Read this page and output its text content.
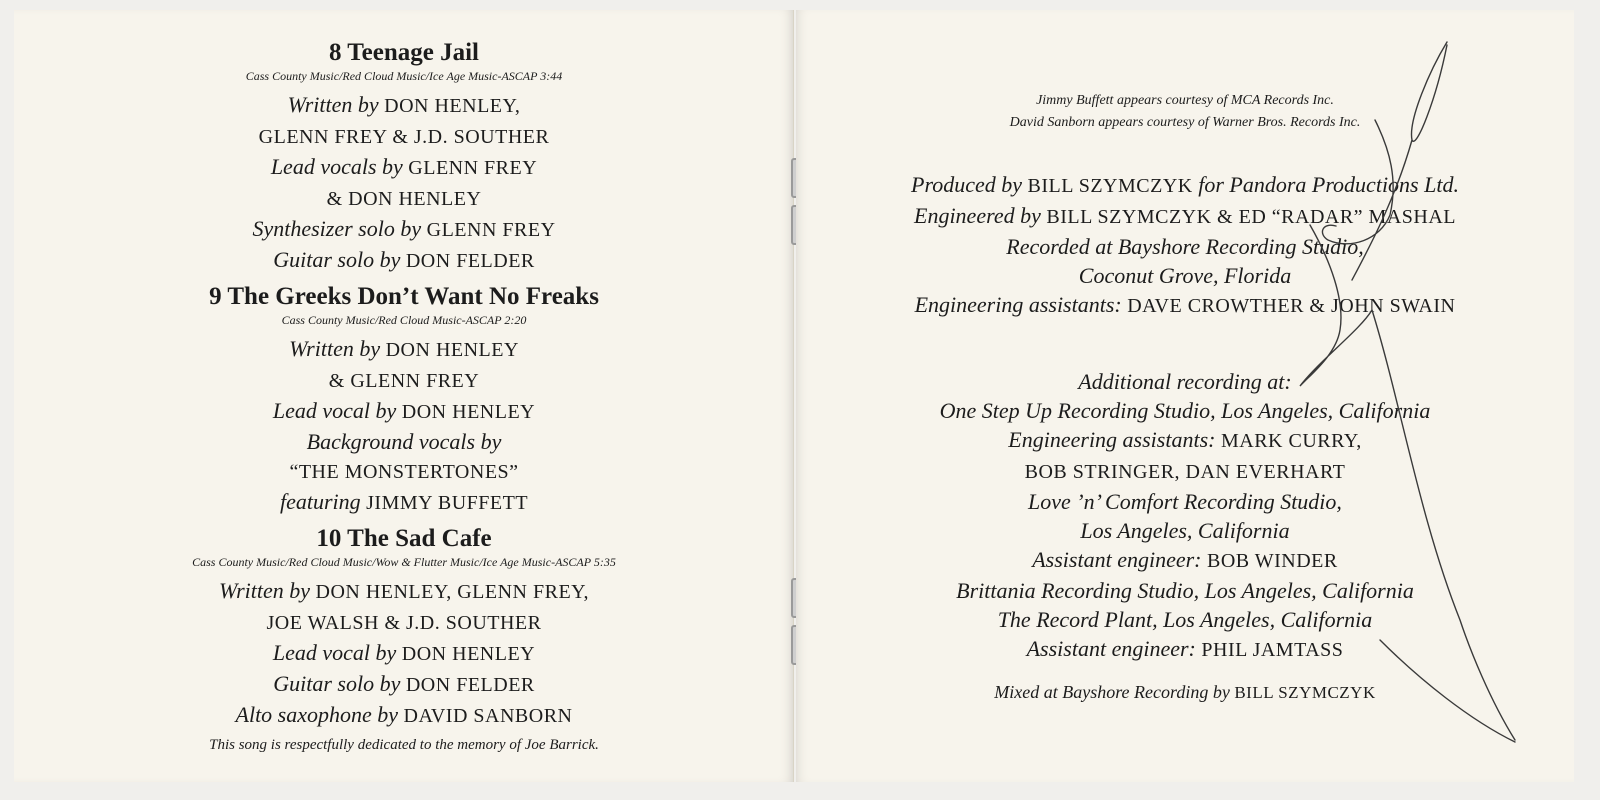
8 Teenage Jail
Cass County Music/Red Cloud Music/Ice Age Music-ASCAP 3:44
Written by DON HENLEY,
GLENN FREY & J.D. SOUTHER
Lead vocals by GLENN FREY
& DON HENLEY
Synthesizer solo by GLENN FREY
Guitar solo by DON FELDER
9 The Greeks Don’t Want No Freaks
Cass County Music/Red Cloud Music-ASCAP 2:20
Written by DON HENLEY
& GLENN FREY
Lead vocal by DON HENLEY
Background vocals by
“THE MONSTERTONES”
featuring JIMMY BUFFETT
10 The Sad Cafe
Cass County Music/Red Cloud Music/Wow & Flutter Music/Ice Age Music-ASCAP 5:35
Written by DON HENLEY, GLENN FREY,
JOE WALSH & J.D. SOUTHER
Lead vocal by DON HENLEY
Guitar solo by DON FELDER
Alto saxophone by DAVID SANBORN
This song is respectfully dedicated to the memory of Joe Barrick.
Jimmy Buffett appears courtesy of MCA Records Inc.
David Sanborn appears courtesy of Warner Bros. Records Inc.
Produced by BILL SZYMCZYK for Pandora Productions Ltd.
Engineered by BILL SZYMCZYK & ED “RADAR” MASHAL
Recorded at Bayshore Recording Studio,
Coconut Grove, Florida
Engineering assistants: DAVE CROWTHER & JOHN SWAIN
Additional recording at:
One Step Up Recording Studio, Los Angeles, California
Engineering assistants: MARK CURRY,
BOB STRINGER, DAN EVERHART
Love ’n’ Comfort Recording Studio,
Los Angeles, California
Assistant engineer: BOB WINDER
Brittania Recording Studio, Los Angeles, California
The Record Plant, Los Angeles, California
Assistant engineer: PHIL JAMTASS
Mixed at Bayshore Recording by BILL SZYMCZYK
